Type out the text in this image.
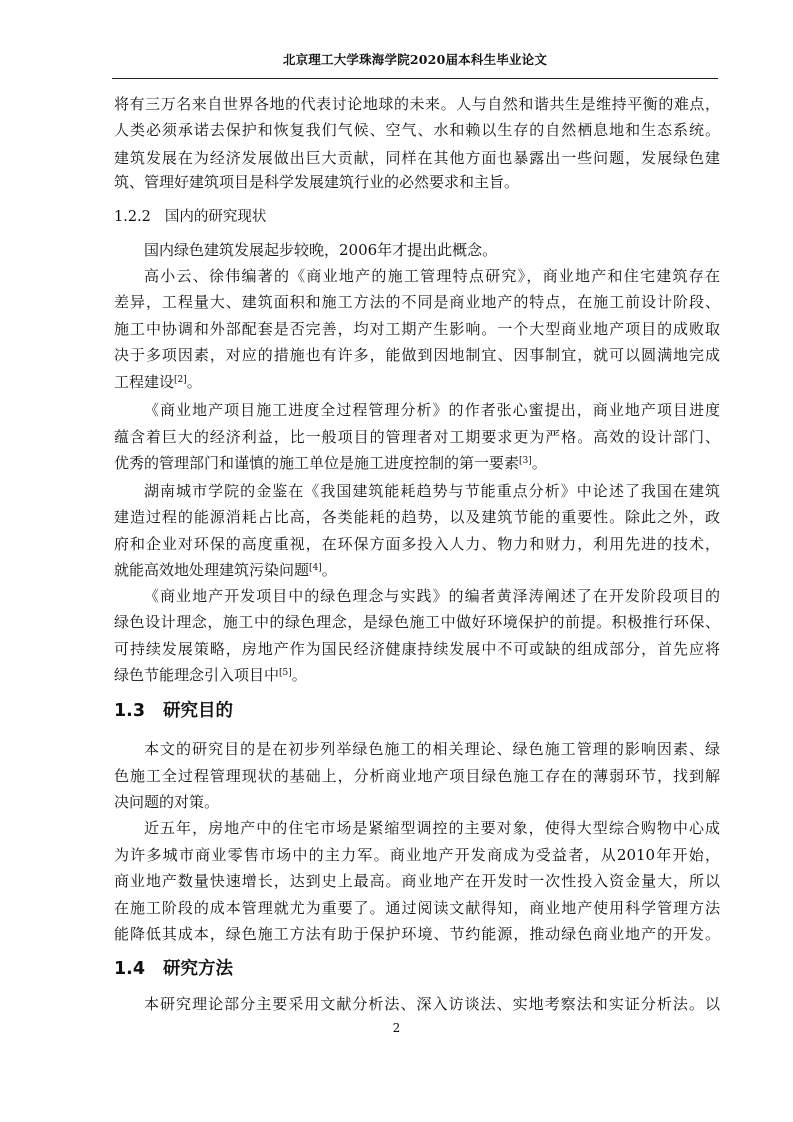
北京理工大学珠海学院2020届本科生毕业论文
1.2.2 国内的研究现状
1.3 研究目的
1.4 研究方法
将有三万名来自世界各地的代表讨论地球的未来。人与自然和谐共生是维持平衡的难点，
人类必须承诺去保护和恢复我们气候、空气、水和赖以生存的自然栖息地和生态系统。
建筑发展在为经济发展做出巨大贡献，同样在其他方面也暴露出一些问题，发展绿色建
筑、管理好建筑项目是科学发展建筑行业的必然要求和主旨。
国内绿色建筑发展起步较晚，2006年才提出此概念。
高小云、徐伟编著的《商业地产的施工管理特点研究》，商业地产和住宅建筑存在
差异，工程量大、建筑面积和施工方法的不同是商业地产的特点，在施工前设计阶段、
施工中协调和外部配套是否完善，均对工期产生影响。一个大型商业地产项目的成败取
决于多项因素，对应的措施也有许多，能做到因地制宜、因事制宜，就可以圆满地完成
工程建设[2]。
《商业地产项目施工进度全过程管理分析》的作者张心蜜提出，商业地产项目进度
蕴含着巨大的经济利益，比一般项目的管理者对工期要求更为严格。高效的设计部门、
优秀的管理部门和谨慎的施工单位是施工进度控制的第一要素[3]。
湖南城市学院的金鉴在《我国建筑能耗趋势与节能重点分析》中论述了我国在建筑
建造过程的能源消耗占比高，各类能耗的趋势，以及建筑节能的重要性。除此之外，政
府和企业对环保的高度重视，在环保方面多投入人力、物力和财力，利用先进的技术，
就能高效地处理建筑污染问题[4]。
《商业地产开发项目中的绿色理念与实践》的编者黄泽涛阐述了在开发阶段项目的
绿色设计理念，施工中的绿色理念，是绿色施工中做好环境保护的前提。积极推行环保、
可持续发展策略，房地产作为国民经济健康持续发展中不可或缺的组成部分，首先应将
绿色节能理念引入项目中[5]。
本文的研究目的是在初步列举绿色施工的相关理论、绿色施工管理的影响因素、绿
色施工全过程管理现状的基础上，分析商业地产项目绿色施工存在的薄弱环节，找到解
决问题的对策。
近五年，房地产中的住宅市场是紧缩型调控的主要对象，使得大型综合购物中心成
为许多城市商业零售市场中的主力军。商业地产开发商成为受益者，从2010年开始，
商业地产数量快速增长，达到史上最高。商业地产在开发时一次性投入资金量大，所以
在施工阶段的成本管理就尤为重要了。通过阅读文献得知，商业地产使用科学管理方法
能降低其成本，绿色施工方法有助于保护环境、节约能源，推动绿色商业地产的开发。
本研究理论部分主要采用文献分析法、深入访谈法、实地考察法和实证分析法。以
2
